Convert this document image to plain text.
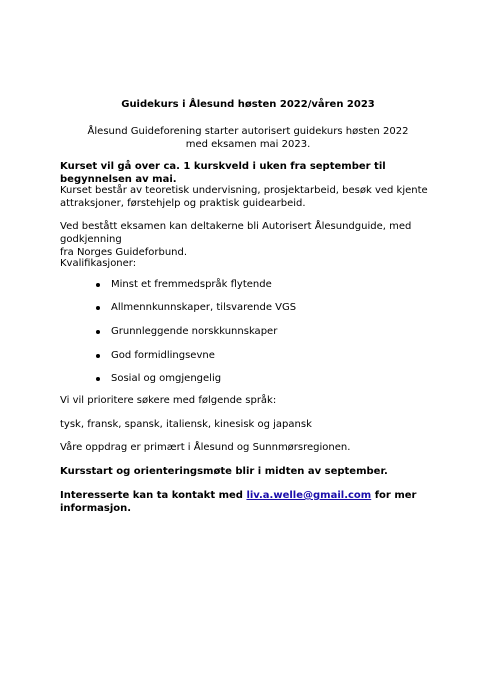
Guidekurs i Ålesund høsten 2022/våren 2023
Ålesund Guideforening starter autorisert guidekurs høsten 2022
med eksamen mai 2023.
Kurset vil gå over ca. 1 kurskveld i uken fra september til begynnelsen av mai.
Kurset består av teoretisk undervisning, prosjektarbeid, besøk ved kjente
attraksjoner, førstehjelp og praktisk guidearbeid.
Ved bestått eksamen kan deltakerne bli Autorisert Ålesundguide, med godkjenning
fra Norges Guideforbund.
Kvalifikasjoner:
Minst et fremmedspråk flytende
Allmennkunnskaper, tilsvarende VGS
Grunnleggende norskkunnskaper
God formidlingsevne
Sosial og omgjengelig
Vi vil prioritere søkere med følgende språk:
tysk, fransk, spansk, italiensk, kinesisk og japansk
Våre oppdrag er primært i Ålesund og Sunnmørsregionen.
Kursstart og orienteringsmøte blir i midten av september.
Interesserte kan ta kontakt med liv.a.welle@gmail.com for mer informasjon.
